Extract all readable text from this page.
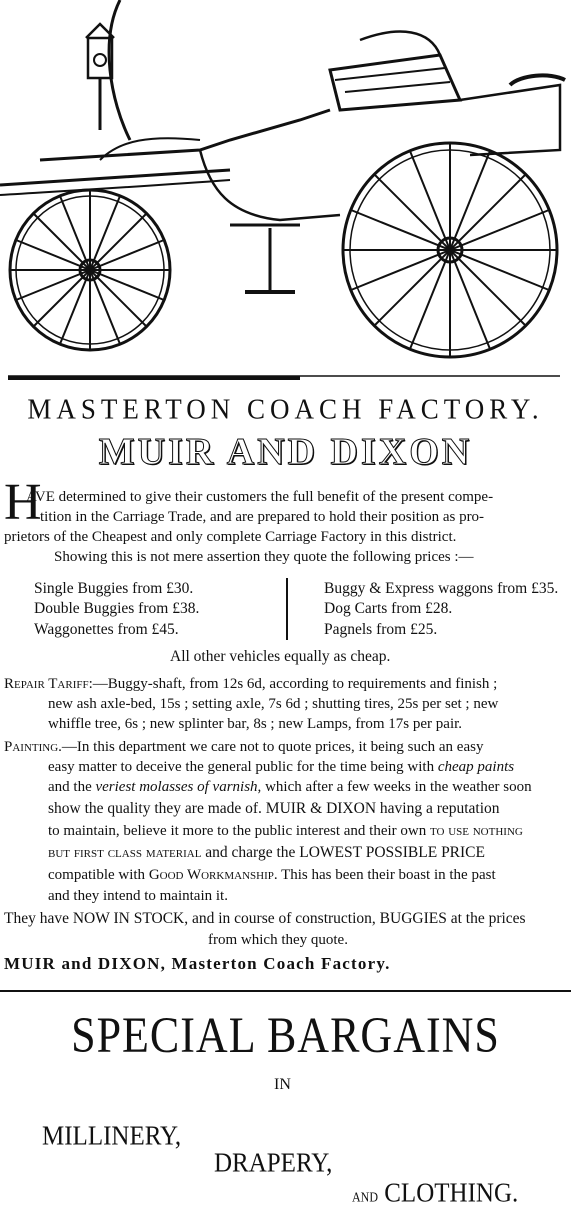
MASTERTON COACH FACTORY.
MUIR AND DIXON
H
AVE determined to give their customers the full benefit of the present compe-
tition in the Carriage Trade, and are prepared to hold their position as pro-
prietors of the Cheapest and only complete Carriage Factory in this district.
Showing this is not mere assertion they quote the following prices :—
Single Buggies from £30.
Double Buggies from £38.
Waggonettes from £45.
Buggy & Express waggons from £35.
Dog Carts from £28.
Pagnels from £25.
All other vehicles equally as cheap.
Repair Tariff:—Buggy-shaft, from 12s 6d, according to requirements and finish ;
new ash axle-bed, 15s ; setting axle, 7s 6d ; shutting tires, 25s per set ; new
whiffle tree, 6s ; new splinter bar, 8s ; new Lamps, from 17s per pair.
Painting.—In this department we care not to quote prices, it being such an easy
easy matter to deceive the general public for the time being with cheap paints
and the veriest molasses of varnish, which after a few weeks in the weather soon
show the quality they are made of. MUIR & DIXON having a reputation
to maintain, believe it more to the public interest and their own to use nothing
but first class material and charge the LOWEST POSSIBLE PRICE
compatible with Good Workmanship. This has been their boast in the past
and they intend to maintain it.
They have NOW IN STOCK, and in course of construction, BUGGIES at the prices
from which they quote.
MUIR and DIXON, Masterton Coach Factory.
SPECIAL BARGAINS
IN
MILLINERY,
DRAPERY,
and CLOTHING.
